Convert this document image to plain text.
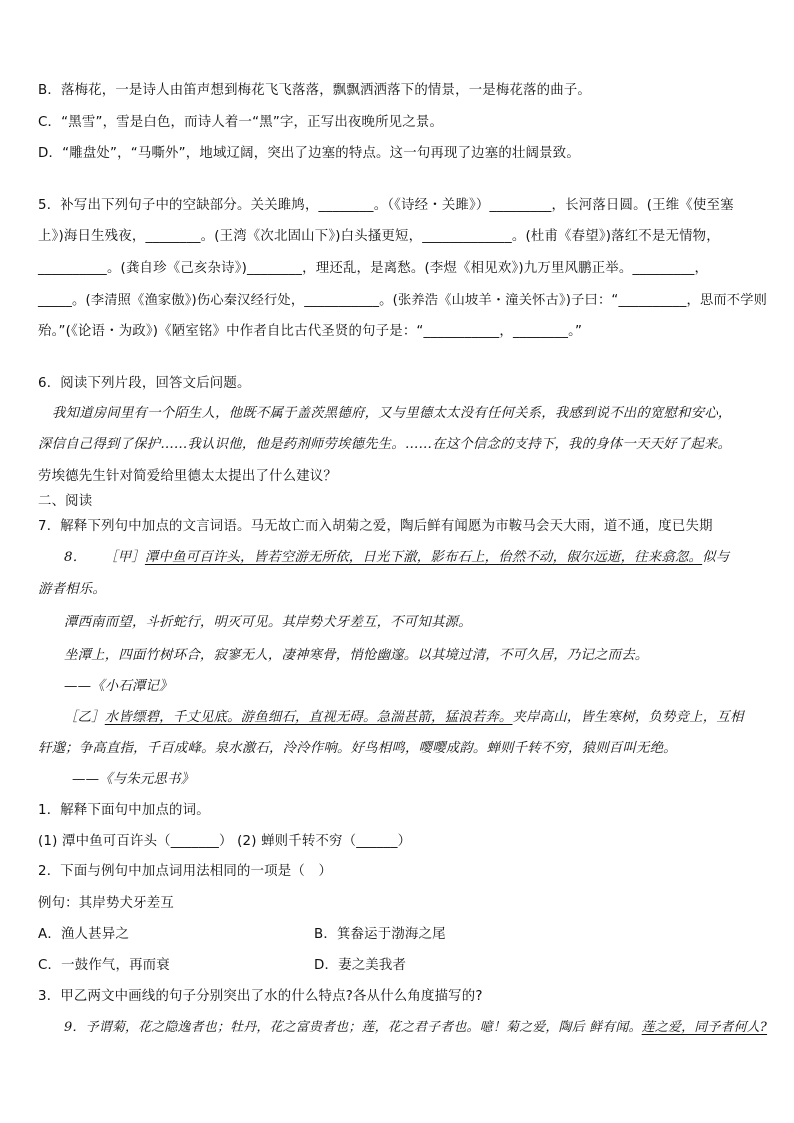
B．落梅花，一是诗人由笛声想到梅花飞飞落落，飘飘洒洒落下的情景，一是梅花落的曲子。
C．“黑雪”，雪是白色，而诗人着一“黑”字，正写出夜晚所见之景。
D．“雕盘处”，“马嘶外”，地域辽阔，突出了边塞的特点。这一句再现了边塞的壮阔景致。
5．补写出下列句子中的空缺部分。关关雎鸠，________。（《诗经・关雎》）_________，长河落日圆。(王维《使至塞
上》)海日生残夜，________。(王湾《次北固山下》)白头搔更短，_____________。(杜甫《春望》)落红不是无情物，
__________。(龚自珍《己亥杂诗》)________，理还乱，是离愁。(李煜《相见欢》)九万里风鹏正举。_________，
_____。(李清照《渔家傲》)伤心秦汉经行处，___________。(张养浩《山坡羊・潼关怀古》)子曰：“__________，思而不学则
殆。”(《论语・为政》)《陋室铭》中作者自比古代圣贤的句子是：“___________，________。”
6．阅读下列片段，回答文后问题。
我知道房间里有一个陌生人，他既不属于盖茨黑德府，又与里德太太没有任何关系，我感到说不出的宽慰和安心，
深信自己得到了保护……我认识他，他是药剂师劳埃德先生。……在这个信念的支持下，我的身体一天天好了起来。
劳埃德先生针对简爱给里德太太提出了什么建议？
二、阅读
7．解释下列句中加点的文言词语。马无故亡而入胡菊之爱，陶后鲜有闻愿为市鞍马会天大雨，道不通，度已失期
8． ［甲］潭中鱼可百许头，皆若空游无所依，日光下澈，影布石上，佁然不动，俶尔远逝，往来翕忽。似与
游者相乐。
潭西南而望，斗折蛇行，明灭可见。其岸势犬牙差互，不可知其源。
坐潭上，四面竹树环合，寂寥无人，凄神寒骨，悄怆幽邃。以其境过清，不可久居，乃记之而去。
——《小石潭记》
［乙］水皆缥碧，千丈见底。游鱼细石，直视无碍。急湍甚箭，猛浪若奔。夹岸高山，皆生寒树，负势竞上，互相
轩邈；争高直指，千百成峰。泉水激石，泠泠作响。好鸟相鸣，嘤嘤成韵。蝉则千转不穷，猿则百叫无绝。
——《与朱元思书》
1．解释下面句中加点的词。
(1) 潭中鱼可百许头（_______） (2) 蝉则千转不穷（______）
2．下面与例句中加点词用法相同的一项是（　）
例句：其岸势犬牙差互
A．渔人甚异之	B．箕畚运于渤海之尾
C．一鼓作气，再而衰	D．妻之美我者
3．甲乙两文中画线的句子分别突出了水的什么特点?各从什么角度描写的?
9．予谓菊，花之隐逸者也；牡丹，花之富贵者也；莲，花之君子者也。噫！菊之爱，陶后 鲜有闻。莲之爱，同予者何人?
